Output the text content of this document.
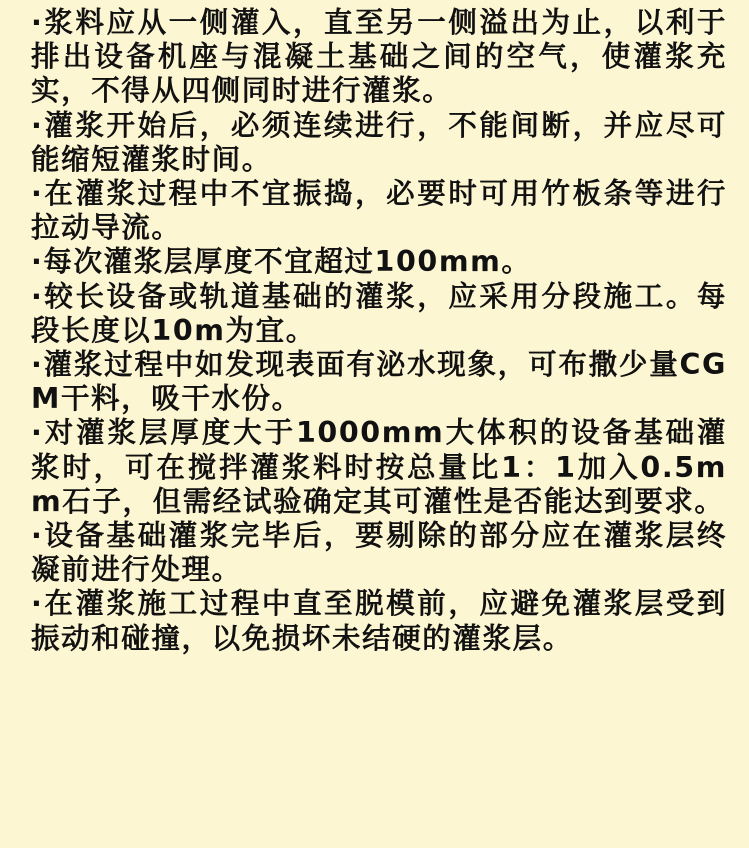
·浆料应从一侧灌入，直至另一侧溢出为止，以利于排出设备机座与混凝土基础之间的空气，使灌浆充实，不得从四侧同时进行灌浆。

·灌浆开始后，必须连续进行，不能间断，并应尽可能缩短灌浆时间。

·在灌浆过程中不宜振捣，必要时可用竹板条等进行拉动导流。

·每次灌浆层厚度不宜超过100mm。

·较长设备或轨道基础的灌浆，应采用分段施工。每段长度以10m为宜。

·灌浆过程中如发现表面有泌水现象，可布撒少量CGM干料，吸干水份。

·对灌浆层厚度大于1000mm大体积的设备基础灌浆时，可在搅拌灌浆料时按总量比1：1加入0.5mm石子，但需经试验确定其可灌性是否能达到要求。

·设备基础灌浆完毕后，要剔除的部分应在灌浆层终凝前进行处理。

·在灌浆施工过程中直至脱模前，应避免灌浆层受到振动和碰撞，以免损坏未结硬的灌浆层。
